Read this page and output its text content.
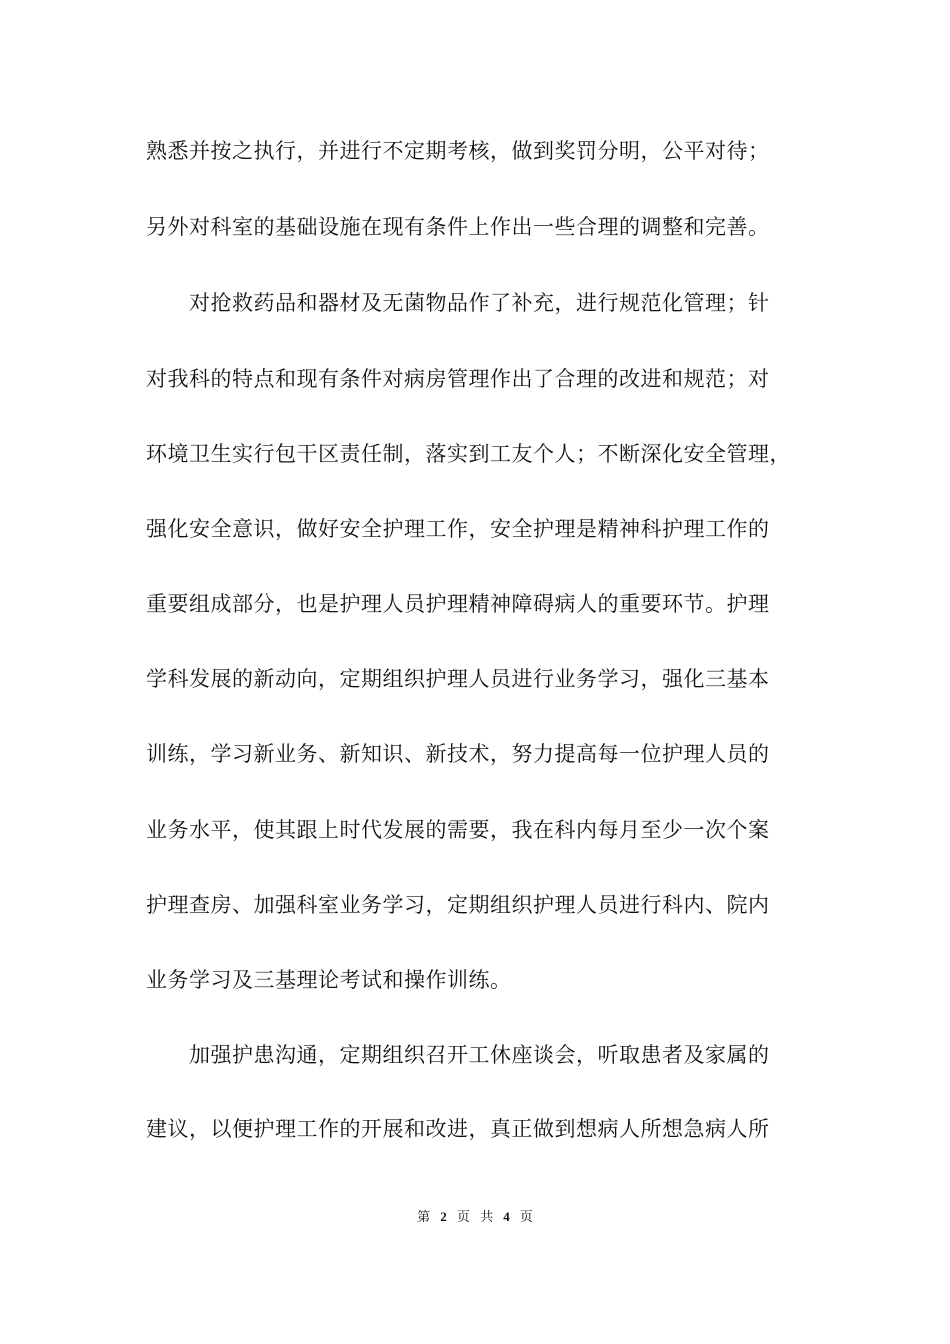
熟悉并按之执行，并进行不定期考核，做到奖罚分明，公平对待；
另外对科室的基础设施在现有条件上作出一些合理的调整和完善。
对抢救药品和器材及无菌物品作了补充，进行规范化管理；针
对我科的特点和现有条件对病房管理作出了合理的改进和规范；对
环境卫生实行包干区责任制，落实到工友个人；不断深化安全管理，
强化安全意识，做好安全护理工作，安全护理是精神科护理工作的
重要组成部分，也是护理人员护理精神障碍病人的重要环节。护理
学科发展的新动向，定期组织护理人员进行业务学习，强化三基本
训练，学习新业务、新知识、新技术，努力提高每一位护理人员的
业务水平，使其跟上时代发展的需要，我在科内每月至少一次个案
护理查房、加强科室业务学习，定期组织护理人员进行科内、院内
业务学习及三基理论考试和操作训练。
加强护患沟通，定期组织召开工休座谈会，听取患者及家属的
建议，以便护理工作的开展和改进，真正做到想病人所想急病人所
第 2 页 共 4 页
